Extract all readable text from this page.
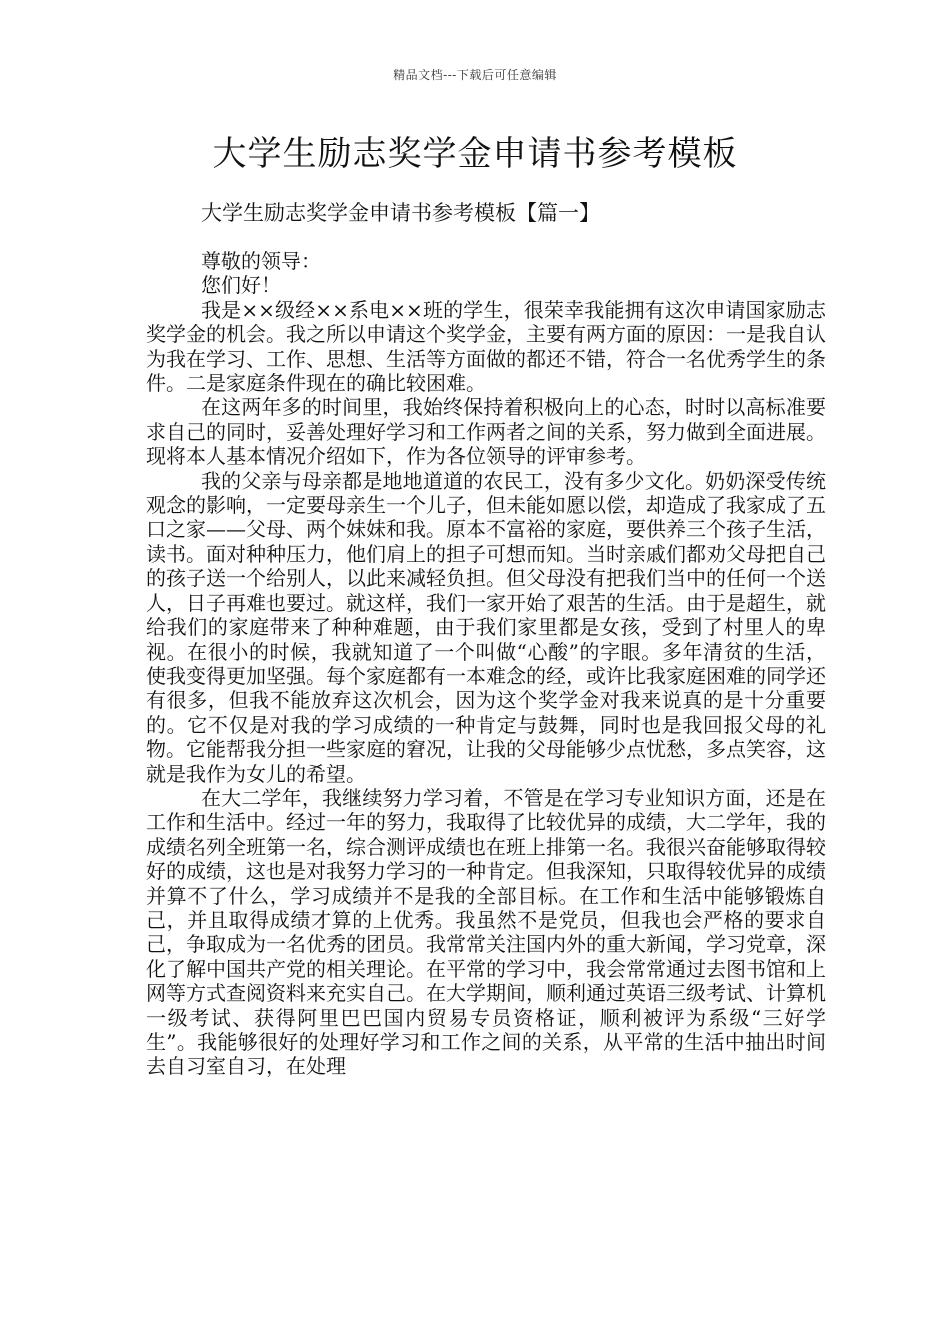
精品文档---下载后可任意编辑
大学生励志奖学金申请书参考模板

大学生励志奖学金申请书参考模板【篇一】

尊敬的领导：

您们好！

我是××级经××系电××班的学生，很荣幸我能拥有这次申请国家励志奖学金的机会。我之所以申请这个奖学金，主要有两方面的原因：一是我自认为我在学习、工作、思想、生活等方面做的都还不错，符合一名优秀学生的条件。二是家庭条件现在的确比较困难。

在这两年多的时间里，我始终保持着积极向上的心态，时时以高标准要求自己的同时，妥善处理好学习和工作两者之间的关系，努力做到全面进展。现将本人基本情况介绍如下，作为各位领导的评审参考。

我的父亲与母亲都是地地道道的农民工，没有多少文化。奶奶深受传统观念的影响，一定要母亲生一个儿子，但未能如愿以偿，却造成了我家成了五口之家——父母、两个妹妹和我。原本不富裕的家庭，要供养三个孩子生活，读书。面对种种压力，他们肩上的担子可想而知。当时亲戚们都劝父母把自己的孩子送一个给别人，以此来减轻负担。但父母没有把我们当中的任何一个送人，日子再难也要过。就这样，我们一家开始了艰苦的生活。由于是超生，就给我们的家庭带来了种种难题，由于我们家里都是女孩，受到了村里人的卑视。在很小的时候，我就知道了一个叫做“心酸”的字眼。多年清贫的生活，使我变得更加坚强。每个家庭都有一本难念的经，或许比我家庭困难的同学还有很多，但我不能放弃这次机会，因为这个奖学金对我来说真的是十分重要的。它不仅是对我的学习成绩的一种肯定与鼓舞，同时也是我回报父母的礼物。它能帮我分担一些家庭的窘况，让我的父母能够少点忧愁，多点笑容，这就是我作为女儿的希望。

在大二学年，我继续努力学习着，不管是在学习专业知识方面，还是在工作和生活中。经过一年的努力，我取得了比较优异的成绩，大二学年，我的成绩名列全班第一名，综合测评成绩也在班上排第一名。我很兴奋能够取得较好的成绩，这也是对我努力学习的一种肯定。但我深知，只取得较优异的成绩并算不了什么，学习成绩并不是我的全部目标。在工作和生活中能够锻炼自己，并且取得成绩才算的上优秀。我虽然不是党员，但我也会严格的要求自己，争取成为一名优秀的团员。我常常关注国内外的重大新闻，学习党章，深化了解中国共产党的相关理论。在平常的学习中，我会常常通过去图书馆和上网等方式查阅资料来充实自己。在大学期间，顺利通过英语三级考试、计算机一级考试、获得阿里巴巴国内贸易专员资格证，顺利被评为系级“三好学生”。我能够很好的处理好学习和工作之间的关系，从平常的生活中抽出时间去自习室自习，在处理
